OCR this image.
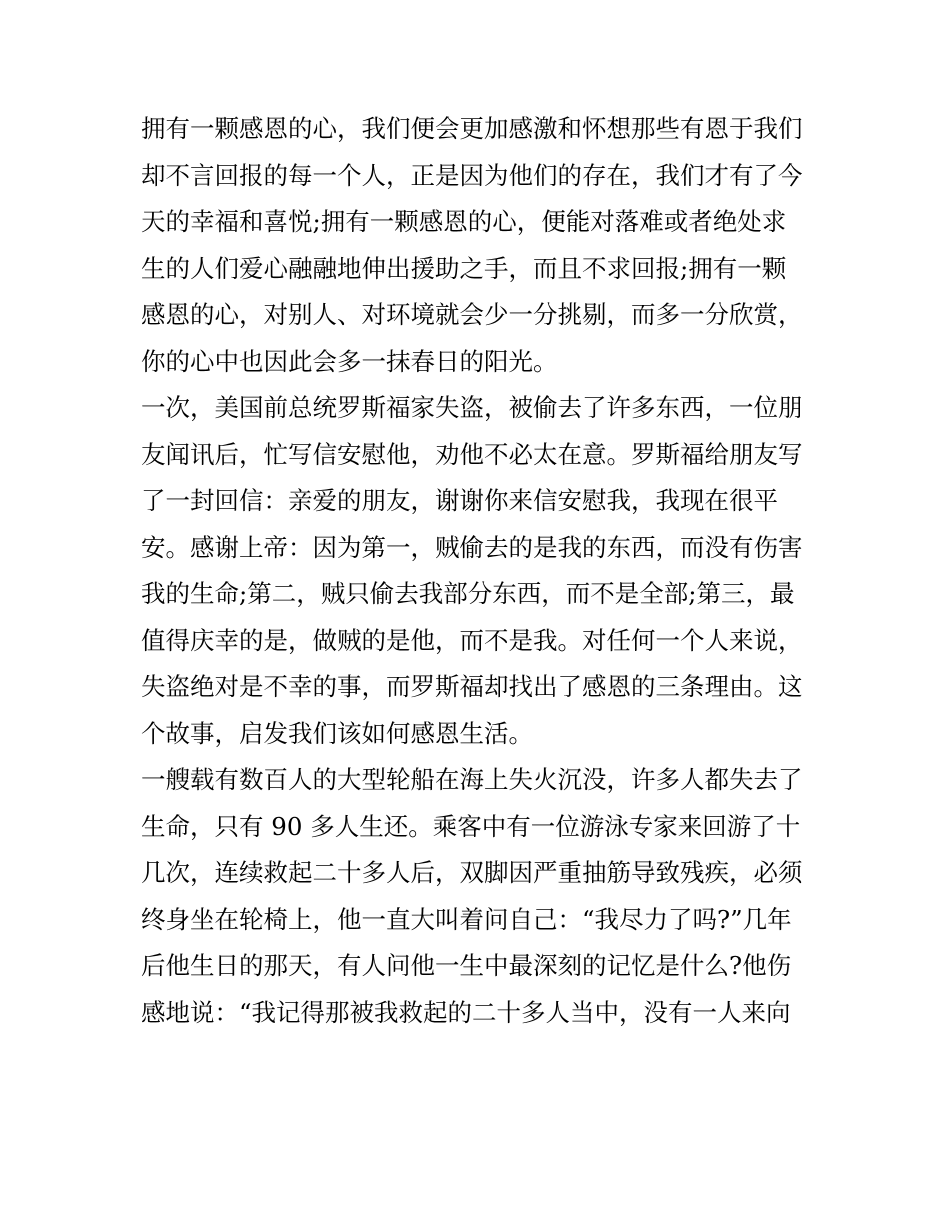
拥有一颗感恩的心，我们便会更加感激和怀想那些有恩于我们
却不言回报的每一个人，正是因为他们的存在，我们才有了今
天的幸福和喜悦;拥有一颗感恩的心，便能对落难或者绝处求
生的人们爱心融融地伸出援助之手，而且不求回报;拥有一颗
感恩的心，对别人、对环境就会少一分挑剔，而多一分欣赏，
你的心中也因此会多一抹春日的阳光。
一次，美国前总统罗斯福家失盗，被偷去了许多东西，一位朋
友闻讯后，忙写信安慰他，劝他不必太在意。罗斯福给朋友写
了一封回信：亲爱的朋友，谢谢你来信安慰我，我现在很平
安。感谢上帝：因为第一，贼偷去的是我的东西，而没有伤害
我的生命;第二，贼只偷去我部分东西，而不是全部;第三，最
值得庆幸的是，做贼的是他，而不是我。对任何一个人来说，
失盗绝对是不幸的事，而罗斯福却找出了感恩的三条理由。这
个故事，启发我们该如何感恩生活。
一艘载有数百人的大型轮船在海上失火沉没，许多人都失去了
生命，只有 90 多人生还。乘客中有一位游泳专家来回游了十
几次，连续救起二十多人后，双脚因严重抽筋导致残疾，必须
终身坐在轮椅上，他一直大叫着问自己：“我尽力了吗?”几年
后他生日的那天，有人问他一生中最深刻的记忆是什么?他伤
感地说：“我记得那被我救起的二十多人当中，没有一人来向
